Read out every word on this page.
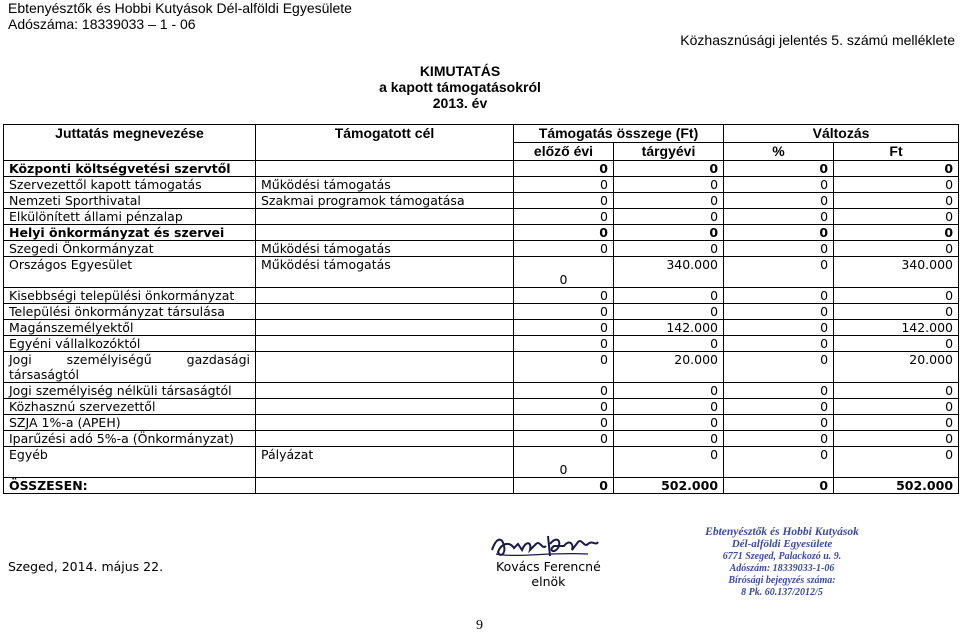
Ebtenyésztők és Hobbi Kutyások Dél-alföldi Egyesülete
Adószáma: 18339033 – 1 - 06
Közhasznúsági jelentés 5. számú melléklete
KIMUTATÁS
a kapott támogatásokról
2013. év
Juttatás megnevezése	Támogatott cél	Támogatás összege (Ft)		Változás	
		előző évi	tárgyévi	%	Ft
Központi költségvetési szervtől		0	0	0	0
Szervezettől kapott támogatás	Működési támogatás	0	0	0	0
Nemzeti Sporthivatal	Szakmai programok támogatása	0	0	0	0
Elkülönített állami pénzalap		0	0	0	0
Helyi önkormányzat és szervei		0	0	0	0
Szegedi Önkormányzat	Működési támogatás	0	0	0	0
Országos Egyesület	Működési támogatás	0	340.000	0	340.000
Kisebbségi települési önkormányzat		0	0	0	0
Települési önkormányzat társulása		0	0	0	0
Magánszemélyektől		0	142.000	0	142.000
Egyéni vállalkozóktól		0	0	0	0

Jogi személyiségű gazdasági
társaságtól		0	20.000	0	20.000
Jogi személyiség nélküli társaságtól		0	0	0	0
Közhasznú szervezettől		0	0	0	0
SZJA 1%-a (APEH)		0	0	0	0
Iparűzési adó 5%-a (Önkormányzat)		0	0	0	0
Egyéb	Pályázat	0	0	0	0
ÖSSZESEN:		0	502.000	0	502.000
Szeged, 2014. május 22.	Kovács Ferencné
elnök
Ebtenyésztők és Hobbi Kutyások
Dél-alföldi Egyesülete
6771 Szeged, Palackozó u. 9.
Adószám: 18339033-1-06
Bírósági bejegyzés száma:
8 Pk. 60.137/2012/5
9
